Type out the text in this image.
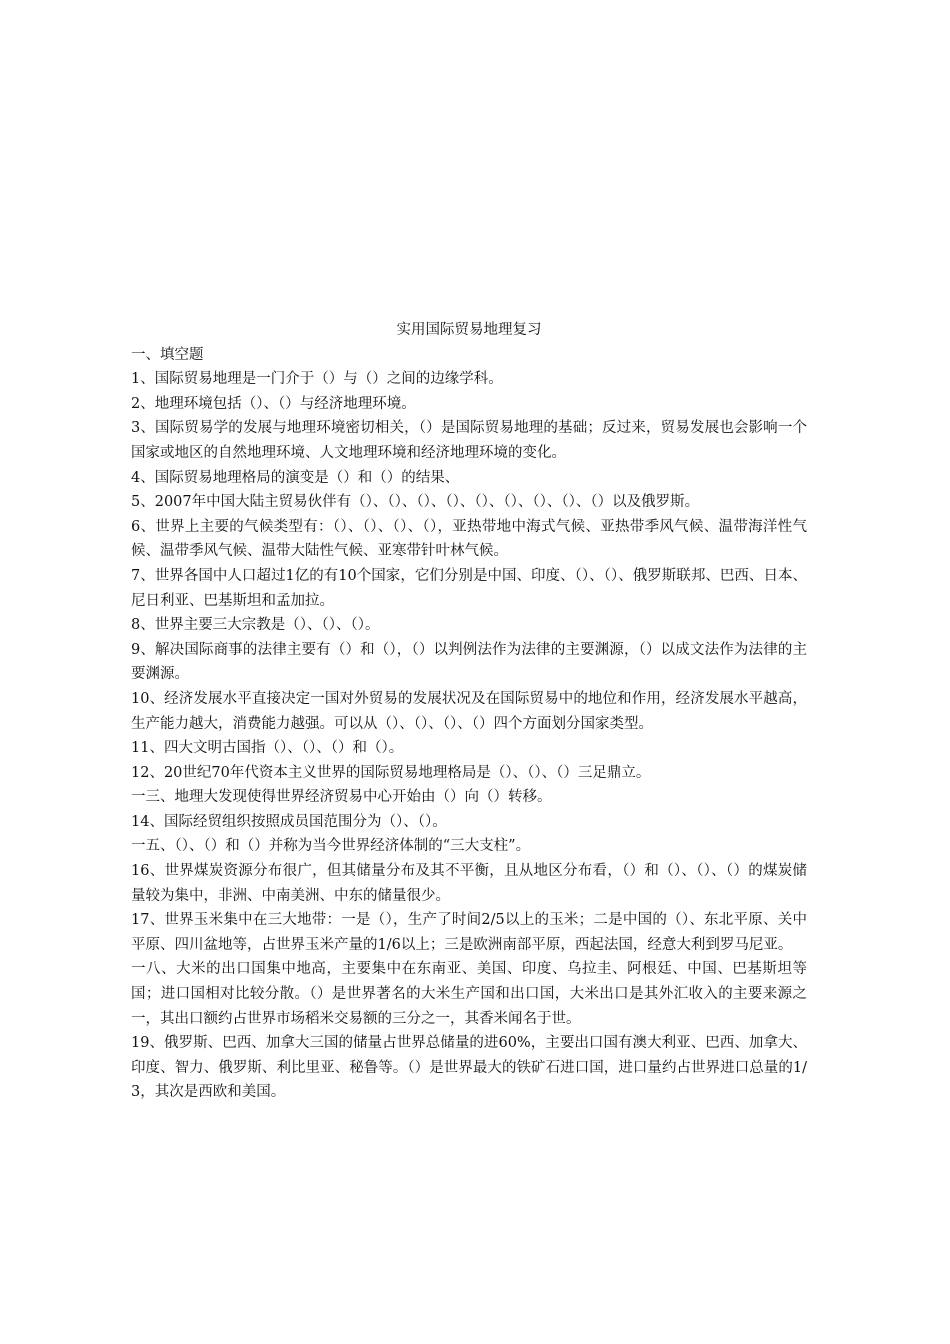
实用国际贸易地理复习

一、填空题

1、国际贸易地理是一门介于（）与（）之间的边缘学科。

2、地理环境包括（）、（）与经济地理环境。

3、国际贸易学的发展与地理环境密切相关，（）是国际贸易地理的基础；反过来，贸易发展也会影响一个国家或地区的自然地理环境、人文地理环境和经济地理环境的变化。

4、国际贸易地理格局的演变是（）和（）的结果、

5、2007年中国大陆主贸易伙伴有（）、（）、（）、（）、（）、（）、（）、（）、（）以及俄罗斯。

6、世界上主要的气候类型有：（）、（）、（）、（），亚热带地中海式气候、亚热带季风气候、温带海洋性气候、温带季风气候、温带大陆性气候、亚寒带针叶林气候。

7、世界各国中人口超过1亿的有10个国家，它们分别是中国、印度、（）、（）、俄罗斯联邦、巴西、日本、尼日利亚、巴基斯坦和孟加拉。

8、世界主要三大宗教是（）、（）、（）。

9、解决国际商事的法律主要有（）和（），（）以判例法作为法律的主要渊源，（）以成文法作为法律的主要渊源。

10、经济发展水平直接决定一国对外贸易的发展状况及在国际贸易中的地位和作用，经济发展水平越高，生产能力越大，消费能力越强。可以从（）、（）、（）、（）四个方面划分国家类型。

11、四大文明古国指（）、（）、（）和（）。

12、20世纪70年代资本主义世界的国际贸易地理格局是（）、（）、（）三足鼎立。

一三、地理大发现使得世界经济贸易中心开始由（）向（）转移。

14、国际经贸组织按照成员国范围分为（）、（）。

一五、（）、（）和（）并称为当今世界经济体制的“三大支柱”。

16、世界煤炭资源分布很广，但其储量分布及其不平衡，且从地区分布看，（）和（）、（）、（）的煤炭储量较为集中，非洲、中南美洲、中东的储量很少。

17、世界玉米集中在三大地带：一是（），生产了时间2/5以上的玉米；二是中国的（）、东北平原、关中平原、四川盆地等，占世界玉米产量的1/6以上；三是欧洲南部平原，西起法国，经意大利到罗马尼亚。

一八、大米的出口国集中地高，主要集中在东南亚、美国、印度、乌拉圭、阿根廷、中国、巴基斯坦等国；进口国相对比较分散。（）是世界著名的大米生产国和出口国，大米出口是其外汇收入的主要来源之一，其出口额约占世界市场稻米交易额的三分之一，其香米闻名于世。

19、俄罗斯、巴西、加拿大三国的储量占世界总储量的进60%，主要出口国有澳大利亚、巴西、加拿大、印度、智力、俄罗斯、利比里亚、秘鲁等。（）是世界最大的铁矿石进口国，进口量约占世界进口总量的1/3，其次是西欧和美国。
